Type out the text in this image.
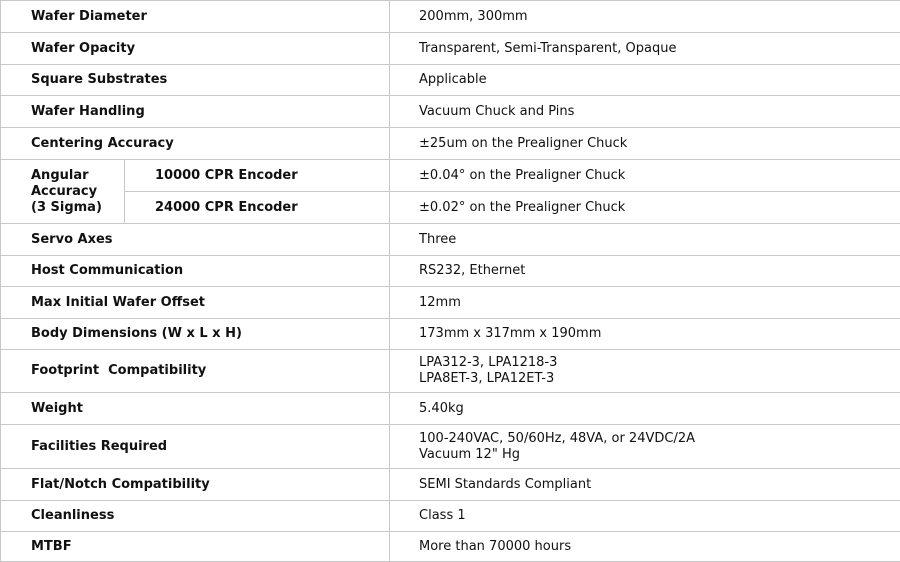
Wafer Diameter		200mm, 300mm
Wafer Opacity		Transparent, Semi-Transparent, Opaque
Square Substrates		Applicable
Wafer Handling		Vacuum Chuck and Pins
Centering Accuracy		±25um on the Prealigner Chuck

Angular
Accuracy
(3 Sigma)	10000 CPR Encoder	±0.04° on the Prealigner Chuck
	24000 CPR Encoder	±0.02° on the Prealigner Chuck
Servo Axes		Three
Host Communication		RS232, Ethernet
Max Initial Wafer Offset		12mm
Body Dimensions (W x L x H)		173mm x 317mm x 190mm
Footprint  Compatibility		LPA312-3, LPA1218-3
LPA8ET-3, LPA12ET-3

Weight		5.40kg
Facilities Required		100-240VAC, 50/60Hz, 48VA, or 24VDC/2A
Vacuum 12" Hg

Flat/Notch Compatibility		SEMI Standards Compliant
Cleanliness		Class 1
MTBF		More than 70000 hours
